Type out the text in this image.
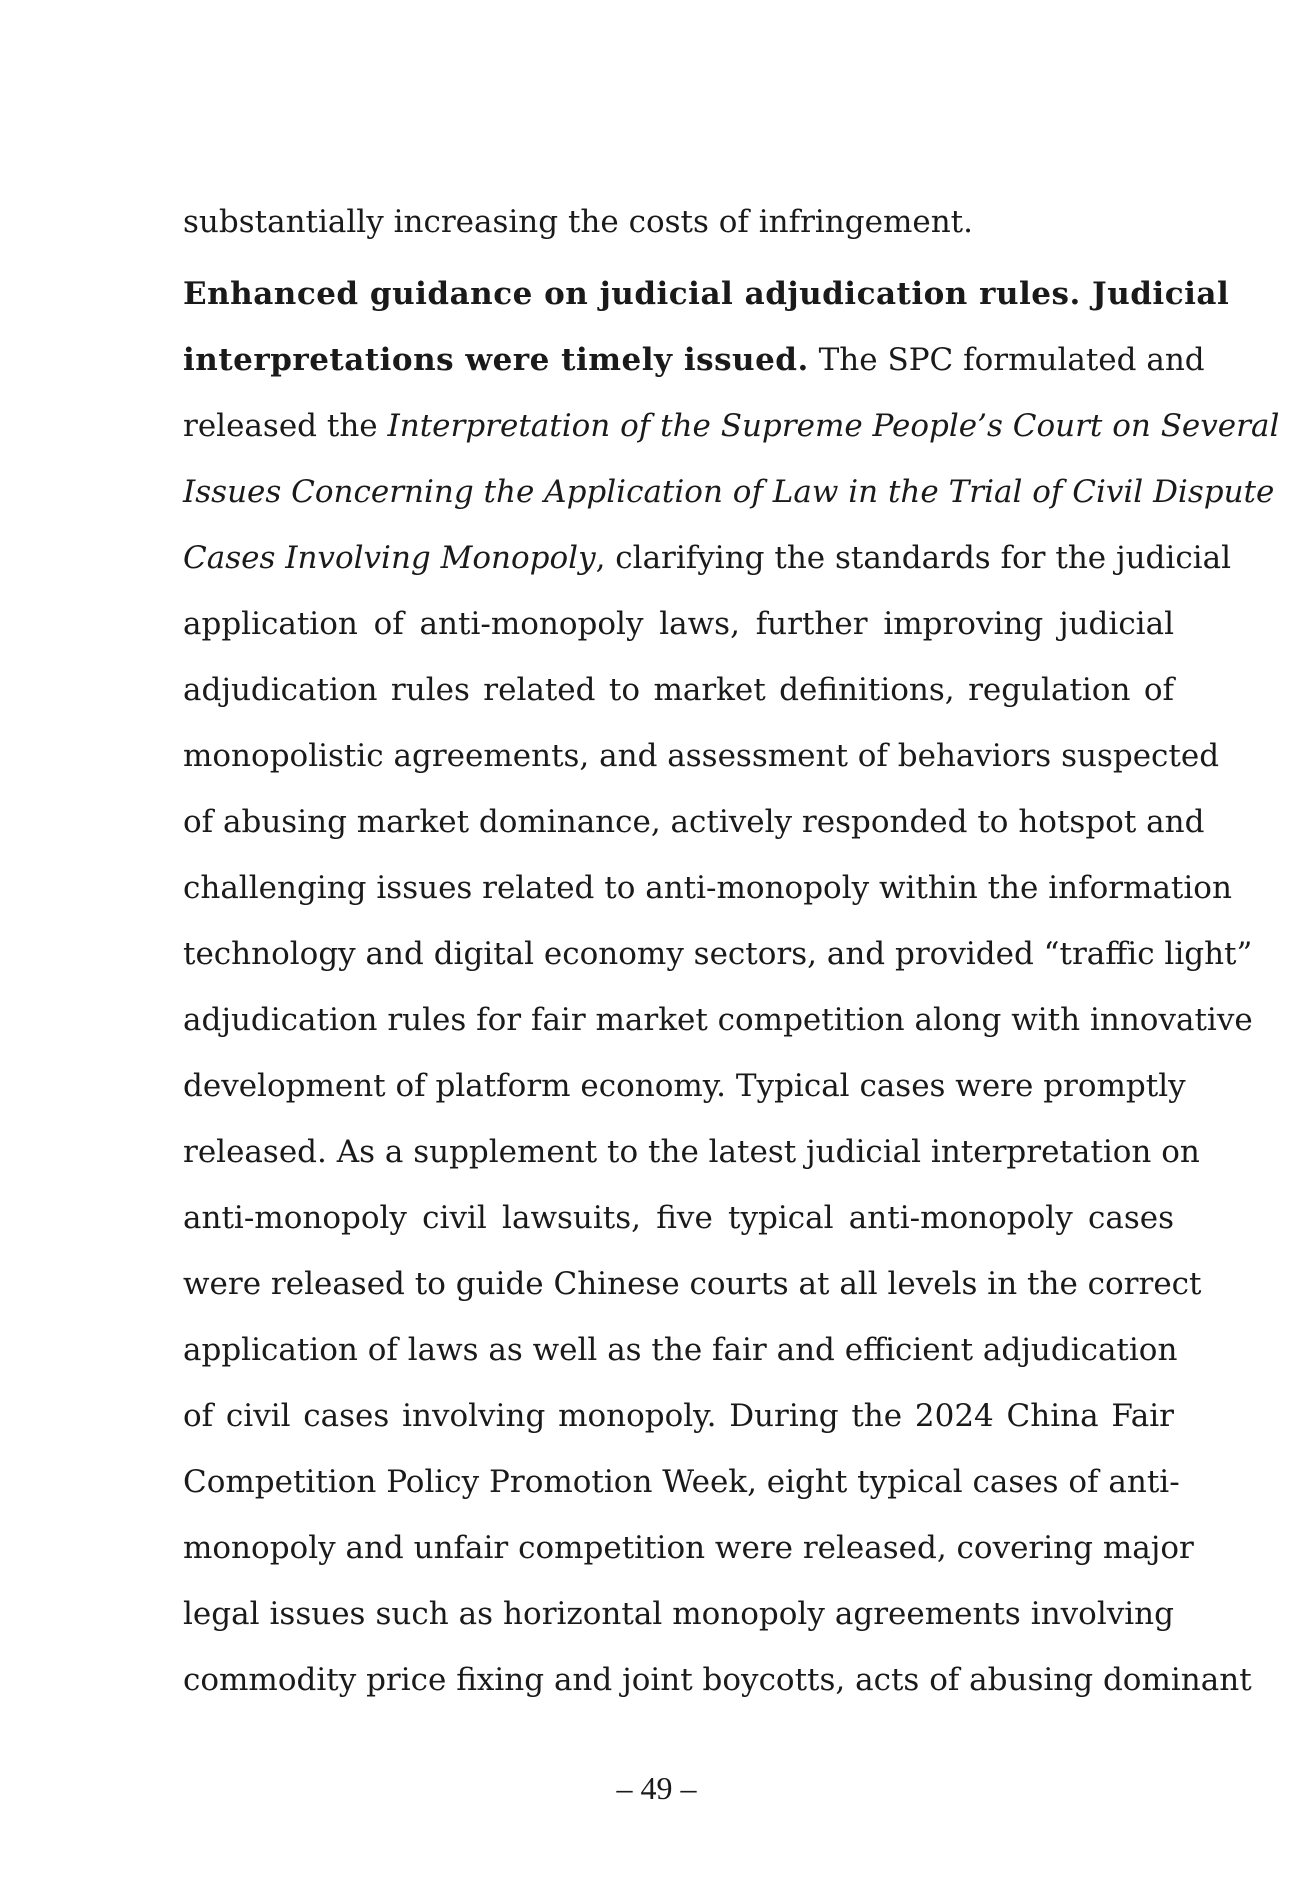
substantially increasing the costs of infringement.
Enhanced guidance on judicial adjudication rules. Judicial
interpretations were timely issued. The SPC formulated and
released the Interpretation of the Supreme People’s Court on Several
Issues Concerning the Application of Law in the Trial of Civil Dispute
Cases Involving Monopoly, clarifying the standards for the judicial
application of anti-monopoly laws, further improving judicial
adjudication rules related to market definitions, regulation of
monopolistic agreements, and assessment of behaviors suspected
of abusing market dominance, actively responded to hotspot and
challenging issues related to anti-monopoly within the information
technology and digital economy sectors, and provided “traffic light”
adjudication rules for fair market competition along with innovative
development of platform economy. Typical cases were promptly
released. As a supplement to the latest judicial interpretation on
anti-monopoly civil lawsuits, five typical anti-monopoly cases
were released to guide Chinese courts at all levels in the correct
application of laws as well as the fair and efficient adjudication
of civil cases involving monopoly. During the 2024 China Fair
Competition Policy Promotion Week, eight typical cases of anti-
monopoly and unfair competition were released, covering major
legal issues such as horizontal monopoly agreements involving
commodity price fixing and joint boycotts, acts of abusing dominant
– 49 –
